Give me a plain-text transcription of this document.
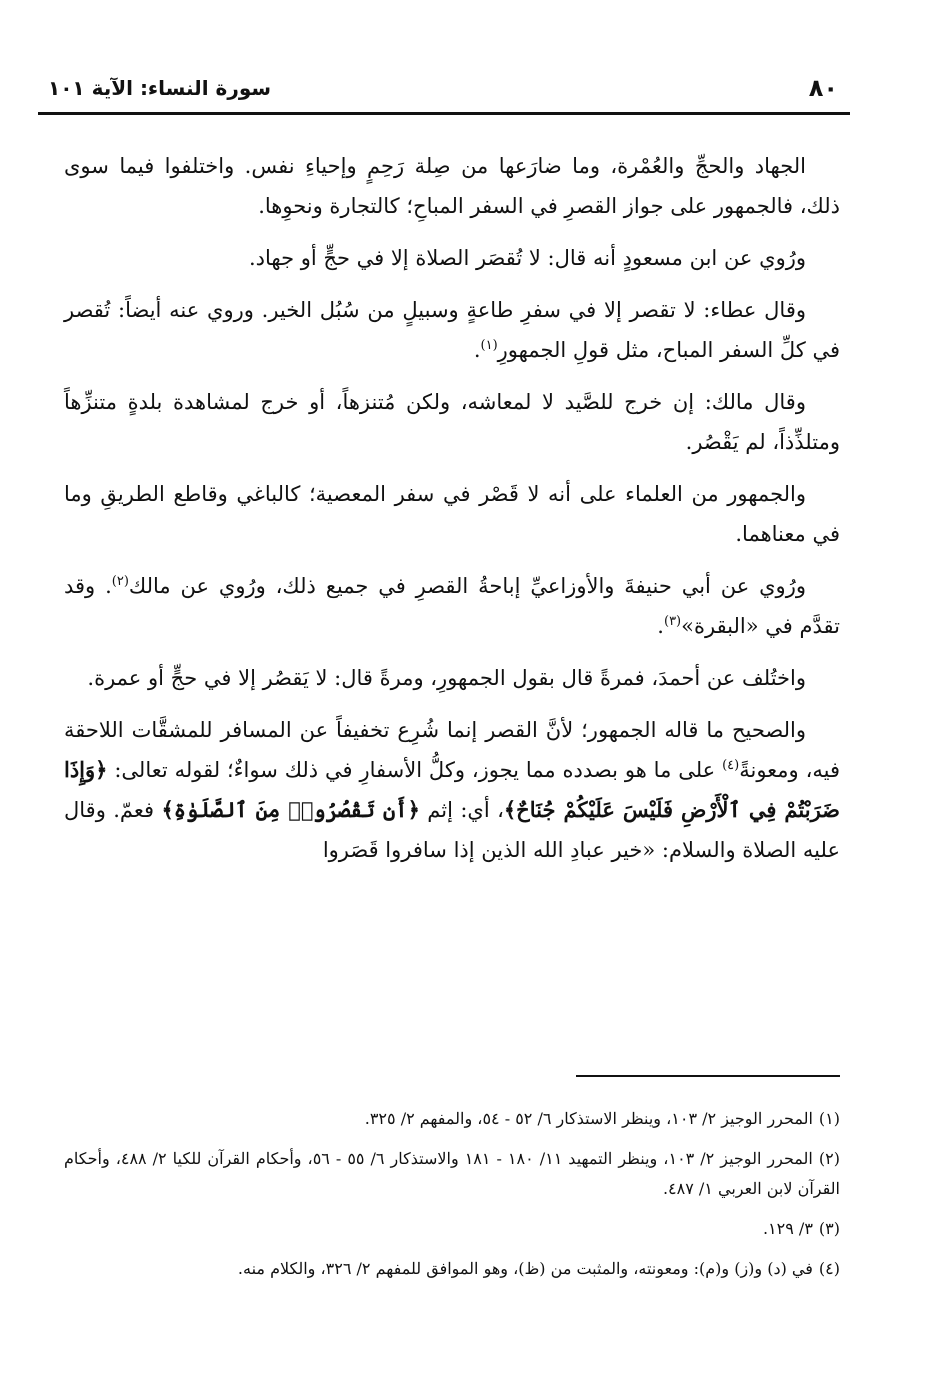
٨٠
سورة النساء: الآية ١٠١

الجهاد والحجِّ والعُمْرة، وما ضارَعها من صِلة رَحِمٍ وإحياءِ نفس. واختلفوا فيما سوى ذلك، فالجمهور على جواز القصرِ في السفر المباحِ؛ كالتجارة ونحوِها.

ورُوي عن ابن مسعودٍ أنه قال: لا تُقصَر الصلاة إلا في حجٍّ أو جهاد.

وقال عطاء: لا تقصر إلا في سفرِ طاعةٍ وسبيلٍ من سُبُل الخير. وروي عنه أيضاً: تُقصر في كلِّ السفر المباح، مثل قولِ الجمهورِ$^{(١)}$.

وقال مالك: إن خرج للصَّيد لا لمعاشه، ولكن مُتنزهاً، أو خرج لمشاهدة بلدةٍ متنزِّهاً ومتلذِّذاً، لم يَقْصُر.

والجمهور من العلماء على أنه لا قَصْر في سفر المعصية؛ كالباغي وقاطع الطريقِ وما في معناهما.

ورُوي عن أبي حنيفةَ والأوزاعيِّ إباحةُ القصرِ في جميع ذلك، ورُوي عن مالك$^{(٢)}$. وقد تقدَّم في «البقرة»$^{(٣)}$.

واختُلف عن أحمدَ، فمرةً قال بقول الجمهورِ، ومرةً قال: لا يَقصُر إلا في حجٍّ أو عمرة.

والصحيح ما قاله الجمهور؛ لأنَّ القصر إنما شُرِع تخفيفاً عن المسافر للمشقَّات اللاحقة فيه، ومعونةً$^{(٤)}$ على ما هو بصدده مما يجوز، وكلُّ الأسفارِ في ذلك سواءٌ؛ لقوله تعالى: ﴿وَإِذَا ضَرَبْتُمْ فِي ٱلْأَرْضِ فَلَيْسَ عَلَيْكُمْ جُنَاحٌ﴾، أي: إثم ﴿أَن تَقْصُرُوا۟ مِنَ ٱلصَّلَوٰةِ﴾ فعمّ. وقال عليه الصلاة والسلام: «خير عبادِ الله الذين إذا سافروا قَصَروا

(١)المحرر الوجيز ٢/ ١٠٣، وينظر الاستذكار ٦/ ٥٢ - ٥٤، والمفهم ٢/ ٣٢٥.
(٢)المحرر الوجيز ٢/ ١٠٣، وينظر التمهيد ١١/ ١٨٠ - ١٨١ والاستذكار ٦/ ٥٥ - ٥٦، وأحكام القرآن للكيا ٢/ ٤٨٨، وأحكام القرآن لابن العربي ١/ ٤٨٧.
(٣)٣/ ١٢٩.
(٤)في (د) و(ز) و(م): ومعونته، والمثبت من (ظ)، وهو الموافق للمفهم ٢/ ٣٢٦، والكلام منه.
